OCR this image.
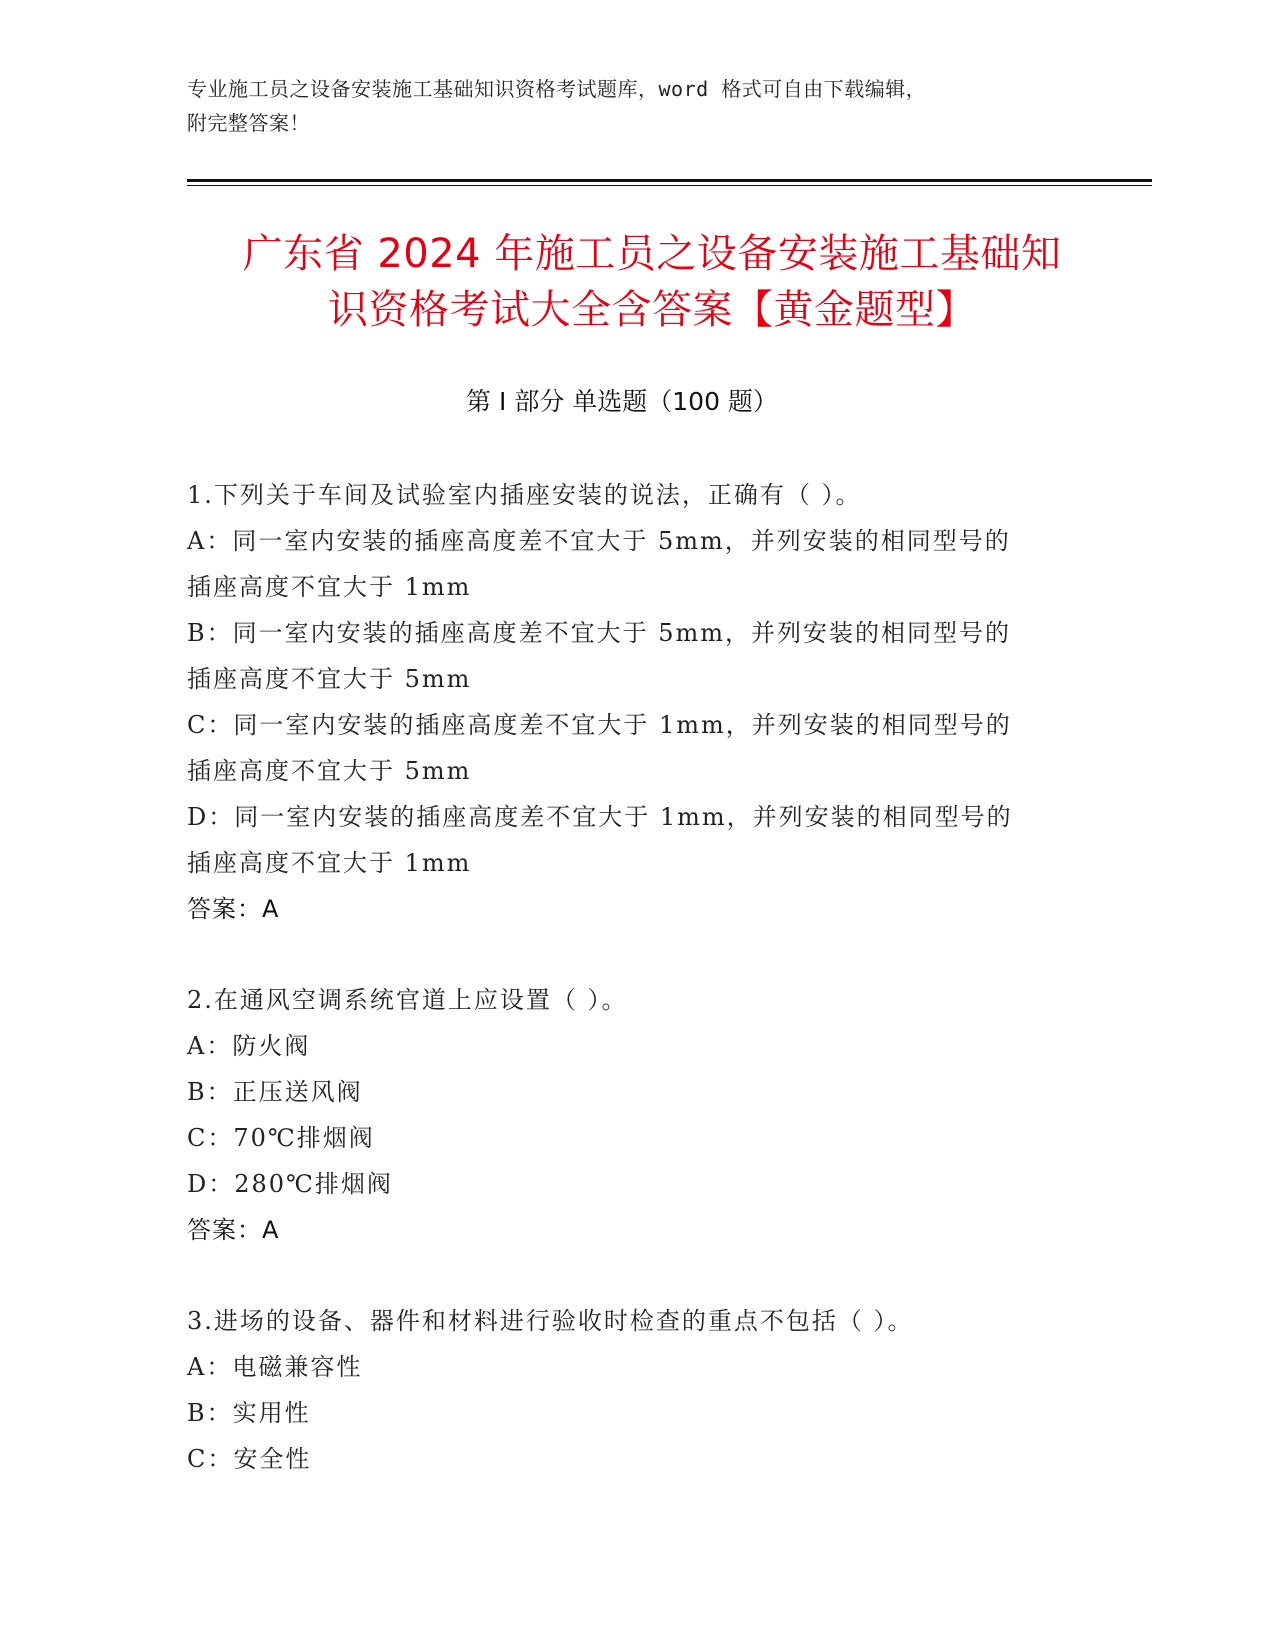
专业施工员之设备安装施工基础知识资格考试题库，word 格式可自由下载编辑，
附完整答案！
广东省 2024 年施工员之设备安装施工基础知
识资格考试大全含答案【黄金题型】
第 I 部分 单选题（100 题）
1.下列关于车间及试验室内插座安装的说法，正确有（ ）。
A：同一室内安装的插座高度差不宜大于 5mm，并列安装的相同型号的
插座高度不宜大于 1mm
B：同一室内安装的插座高度差不宜大于 5mm，并列安装的相同型号的
插座高度不宜大于 5mm
C：同一室内安装的插座高度差不宜大于 1mm，并列安装的相同型号的
插座高度不宜大于 5mm
D：同一室内安装的插座高度差不宜大于 1mm，并列安装的相同型号的
插座高度不宜大于 1mm
答案：A
2.在通风空调系统官道上应设置（ ）。
A：防火阀
B：正压送风阀
C：70℃排烟阀
D：280℃排烟阀
答案：A
3.进场的设备、器件和材料进行验收时检查的重点不包括（ ）。
A：电磁兼容性
B：实用性
C：安全性
